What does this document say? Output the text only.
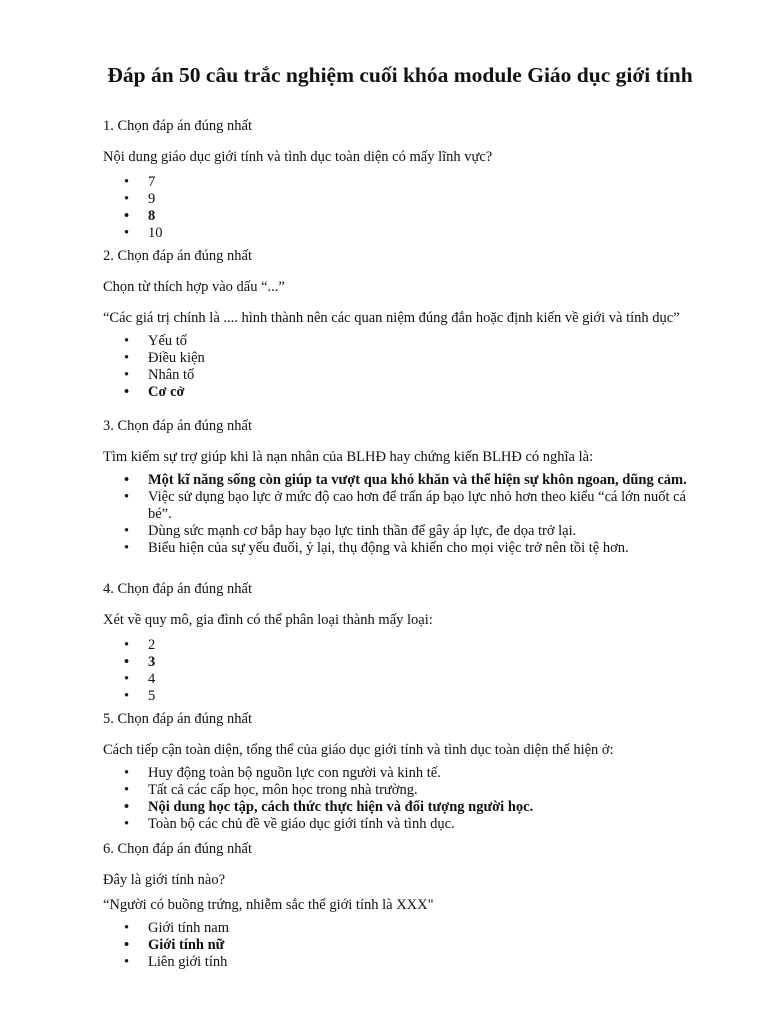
Đáp án 50 câu trắc nghiệm cuối khóa module Giáo dục giới tính

1. Chọn đáp án đúng nhất

Nội dung giáo dục giới tính và tình dục toàn diện có mấy lĩnh vực?

• 7
• 9
• 8
• 10

2. Chọn đáp án đúng nhất

Chọn từ thích hợp vào dấu “...”

“Các giá trị chính là .... hình thành nên các quan niệm đúng đắn hoặc định kiến về giới và tính dục”

• Yếu tố
• Điều kiện
• Nhân tố
• Cơ cở

3. Chọn đáp án đúng nhất

Tìm kiếm sự trợ giúp khi là nạn nhân của BLHĐ hay chứng kiến BLHĐ có nghĩa là:

• Một kĩ năng sống còn giúp ta vượt qua khó khăn và thể hiện sự khôn ngoan, dũng cảm.
• Việc sử dụng bạo lực ở mức độ cao hơn để trấn áp bạo lực nhỏ hơn theo kiểu “cá lớn nuốt cá bé”.
• Dùng sức mạnh cơ bắp hay bạo lực tinh thần để gây áp lực, đe dọa trở lại.
• Biểu hiện của sự yếu đuối, ỷ lại, thụ động và khiến cho mọi việc trở nên tồi tệ hơn.

4. Chọn đáp án đúng nhất

Xét về quy mô, gia đình có thể phân loại thành mấy loại:

• 2
• 3
• 4
• 5

5. Chọn đáp án đúng nhất

Cách tiếp cận toàn diện, tổng thể của giáo dục giới tính và tình dục toàn diện thể hiện ở:

• Huy động toàn bộ nguồn lực con người và kinh tế.
• Tất cả các cấp học, môn học trong nhà trường.
• Nội dung học tập, cách thức thực hiện và đối tượng người học.
• Toàn bộ các chủ đề về giáo dục giới tính và tình dục.

6. Chọn đáp án đúng nhất

Đây là giới tính nào?

“Người có buồng trứng, nhiễm sắc thể giới tính là XXX"

• Giới tính nam
• Giới tính nữ
• Liên giới tính
